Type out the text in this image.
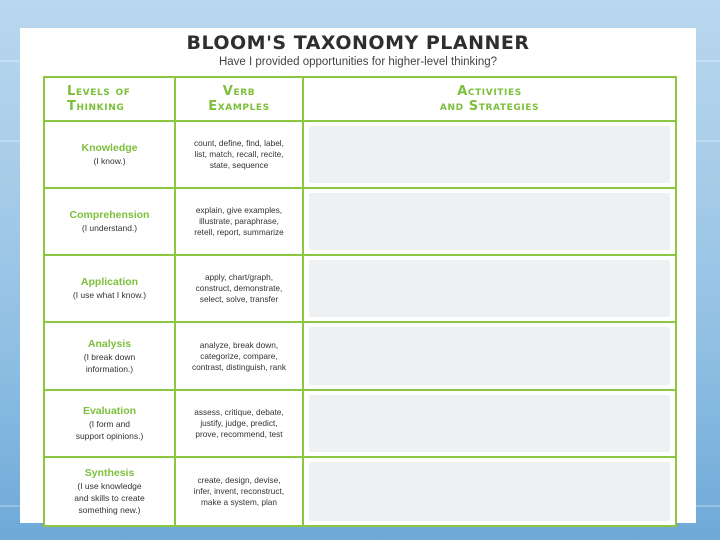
BLOOM'S TAXONOMY PLANNER
Have I provided opportunities for higher-level thinking?
Levels of
Thinking
Verb
Examples
Activities
and Strategies
Knowledge
(I know.)
count, define, find, label,
list, match, recall, recite,
state, sequence
Comprehension
(I understand.)
explain, give examples,
illustrate, paraphrase,
retell, report, summarize
Application
(I use what I know.)
apply, chart/graph,
construct, demonstrate,
select, solve, transfer
Analysis
(I break down
information.)
analyze, break down,
categorize, compare,
contrast, distinguish, rank
Evaluation
(I form and
support opinions.)
assess, critique, debate,
justify, judge, predict,
prove, recommend, test
Synthesis
(I use knowledge
and skills to create
something new.)
create, design, devise,
infer, invent, reconstruct,
make a system, plan
